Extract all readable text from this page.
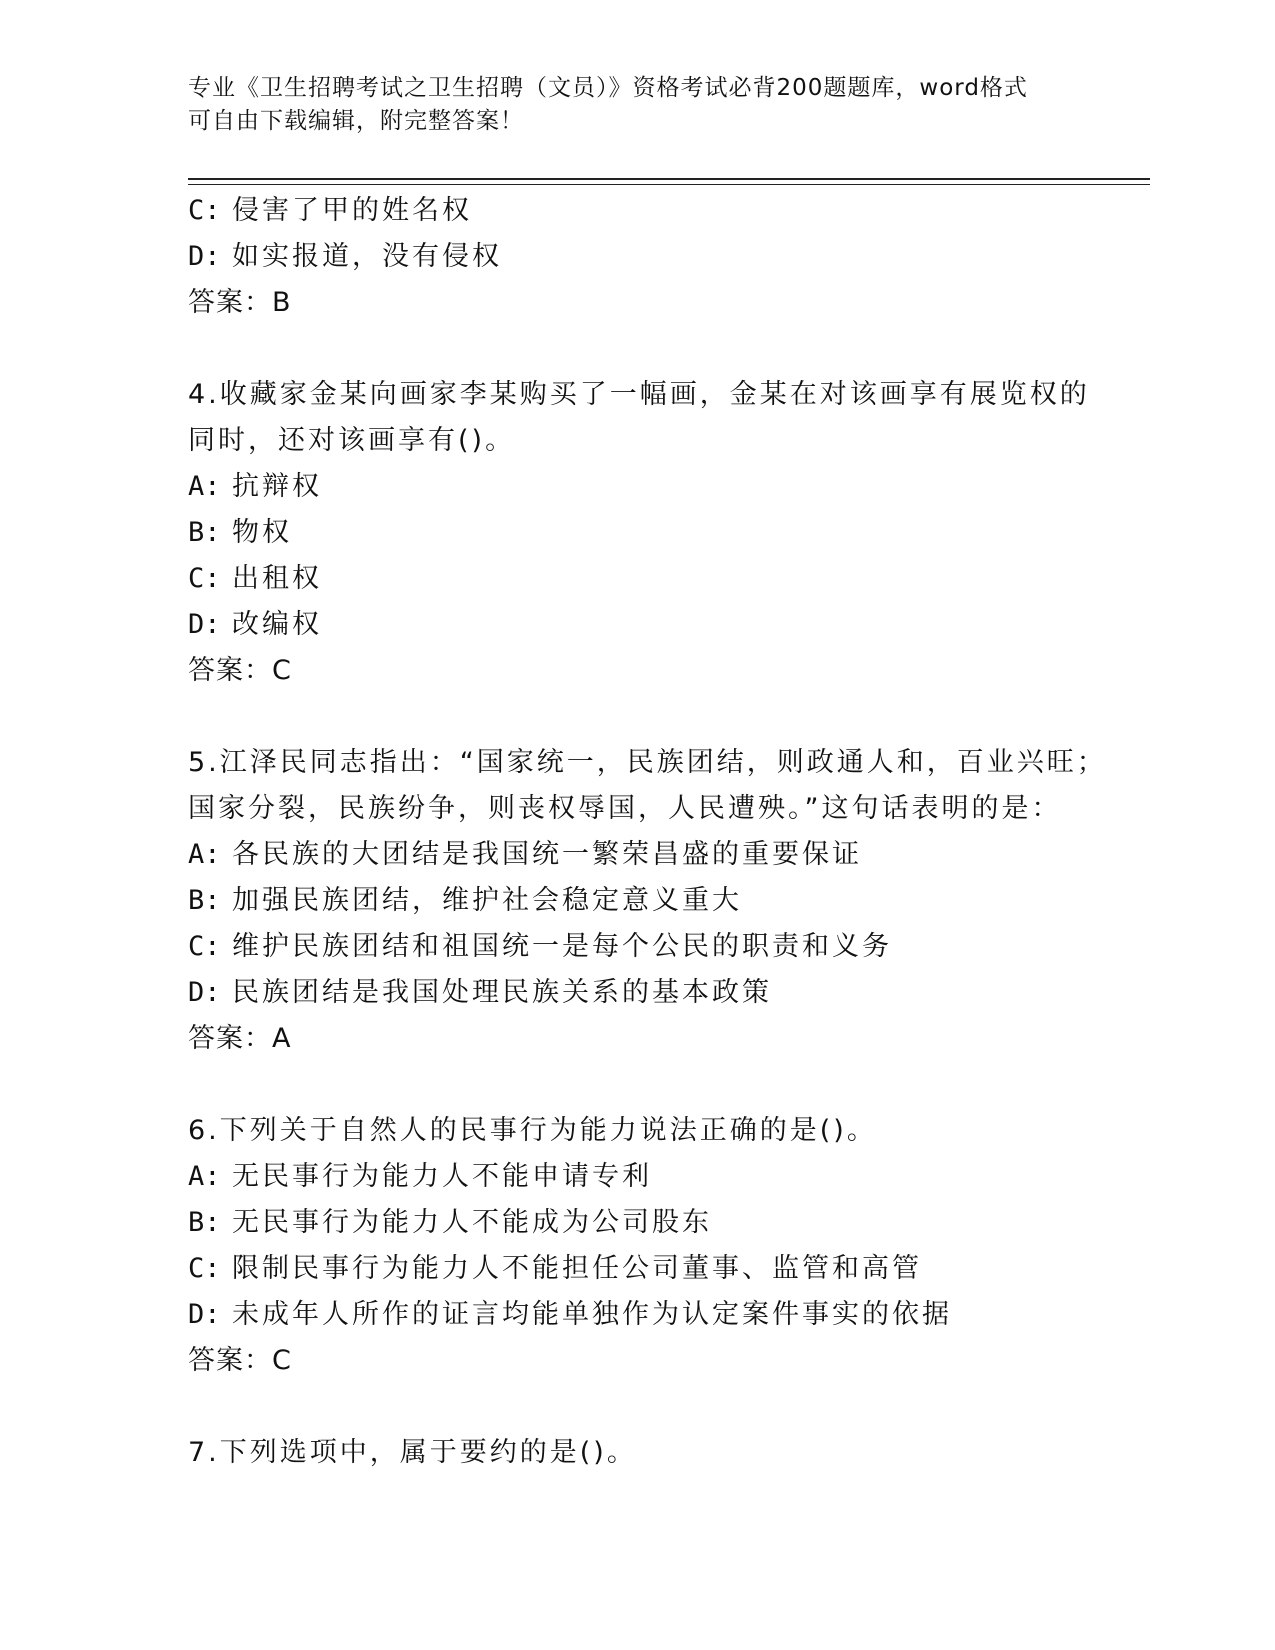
专业《卫生招聘考试之卫生招聘（文员）》资格考试必背200题题库，word格式
可自由下载编辑，附完整答案！
C: 侵害了甲的姓名权
D: 如实报道，没有侵权
答案：B
4.收藏家金某向画家李某购买了一幅画，金某在对该画享有展览权的
同时，还对该画享有()。
A: 抗辩权
B: 物权
C: 出租权
D: 改编权
答案：C
5.江泽民同志指出：“国家统一，民族团结，则政通人和，百业兴旺；
国家分裂，民族纷争，则丧权辱国，人民遭殃。”这句话表明的是：
A: 各民族的大团结是我国统一繁荣昌盛的重要保证
B: 加强民族团结，维护社会稳定意义重大
C: 维护民族团结和祖国统一是每个公民的职责和义务
D: 民族团结是我国处理民族关系的基本政策
答案：A
6.下列关于自然人的民事行为能力说法正确的是()。
A: 无民事行为能力人不能申请专利
B: 无民事行为能力人不能成为公司股东
C: 限制民事行为能力人不能担任公司董事、监管和高管
D: 未成年人所作的证言均能单独作为认定案件事实的依据
答案：C
7.下列选项中，属于要约的是()。
